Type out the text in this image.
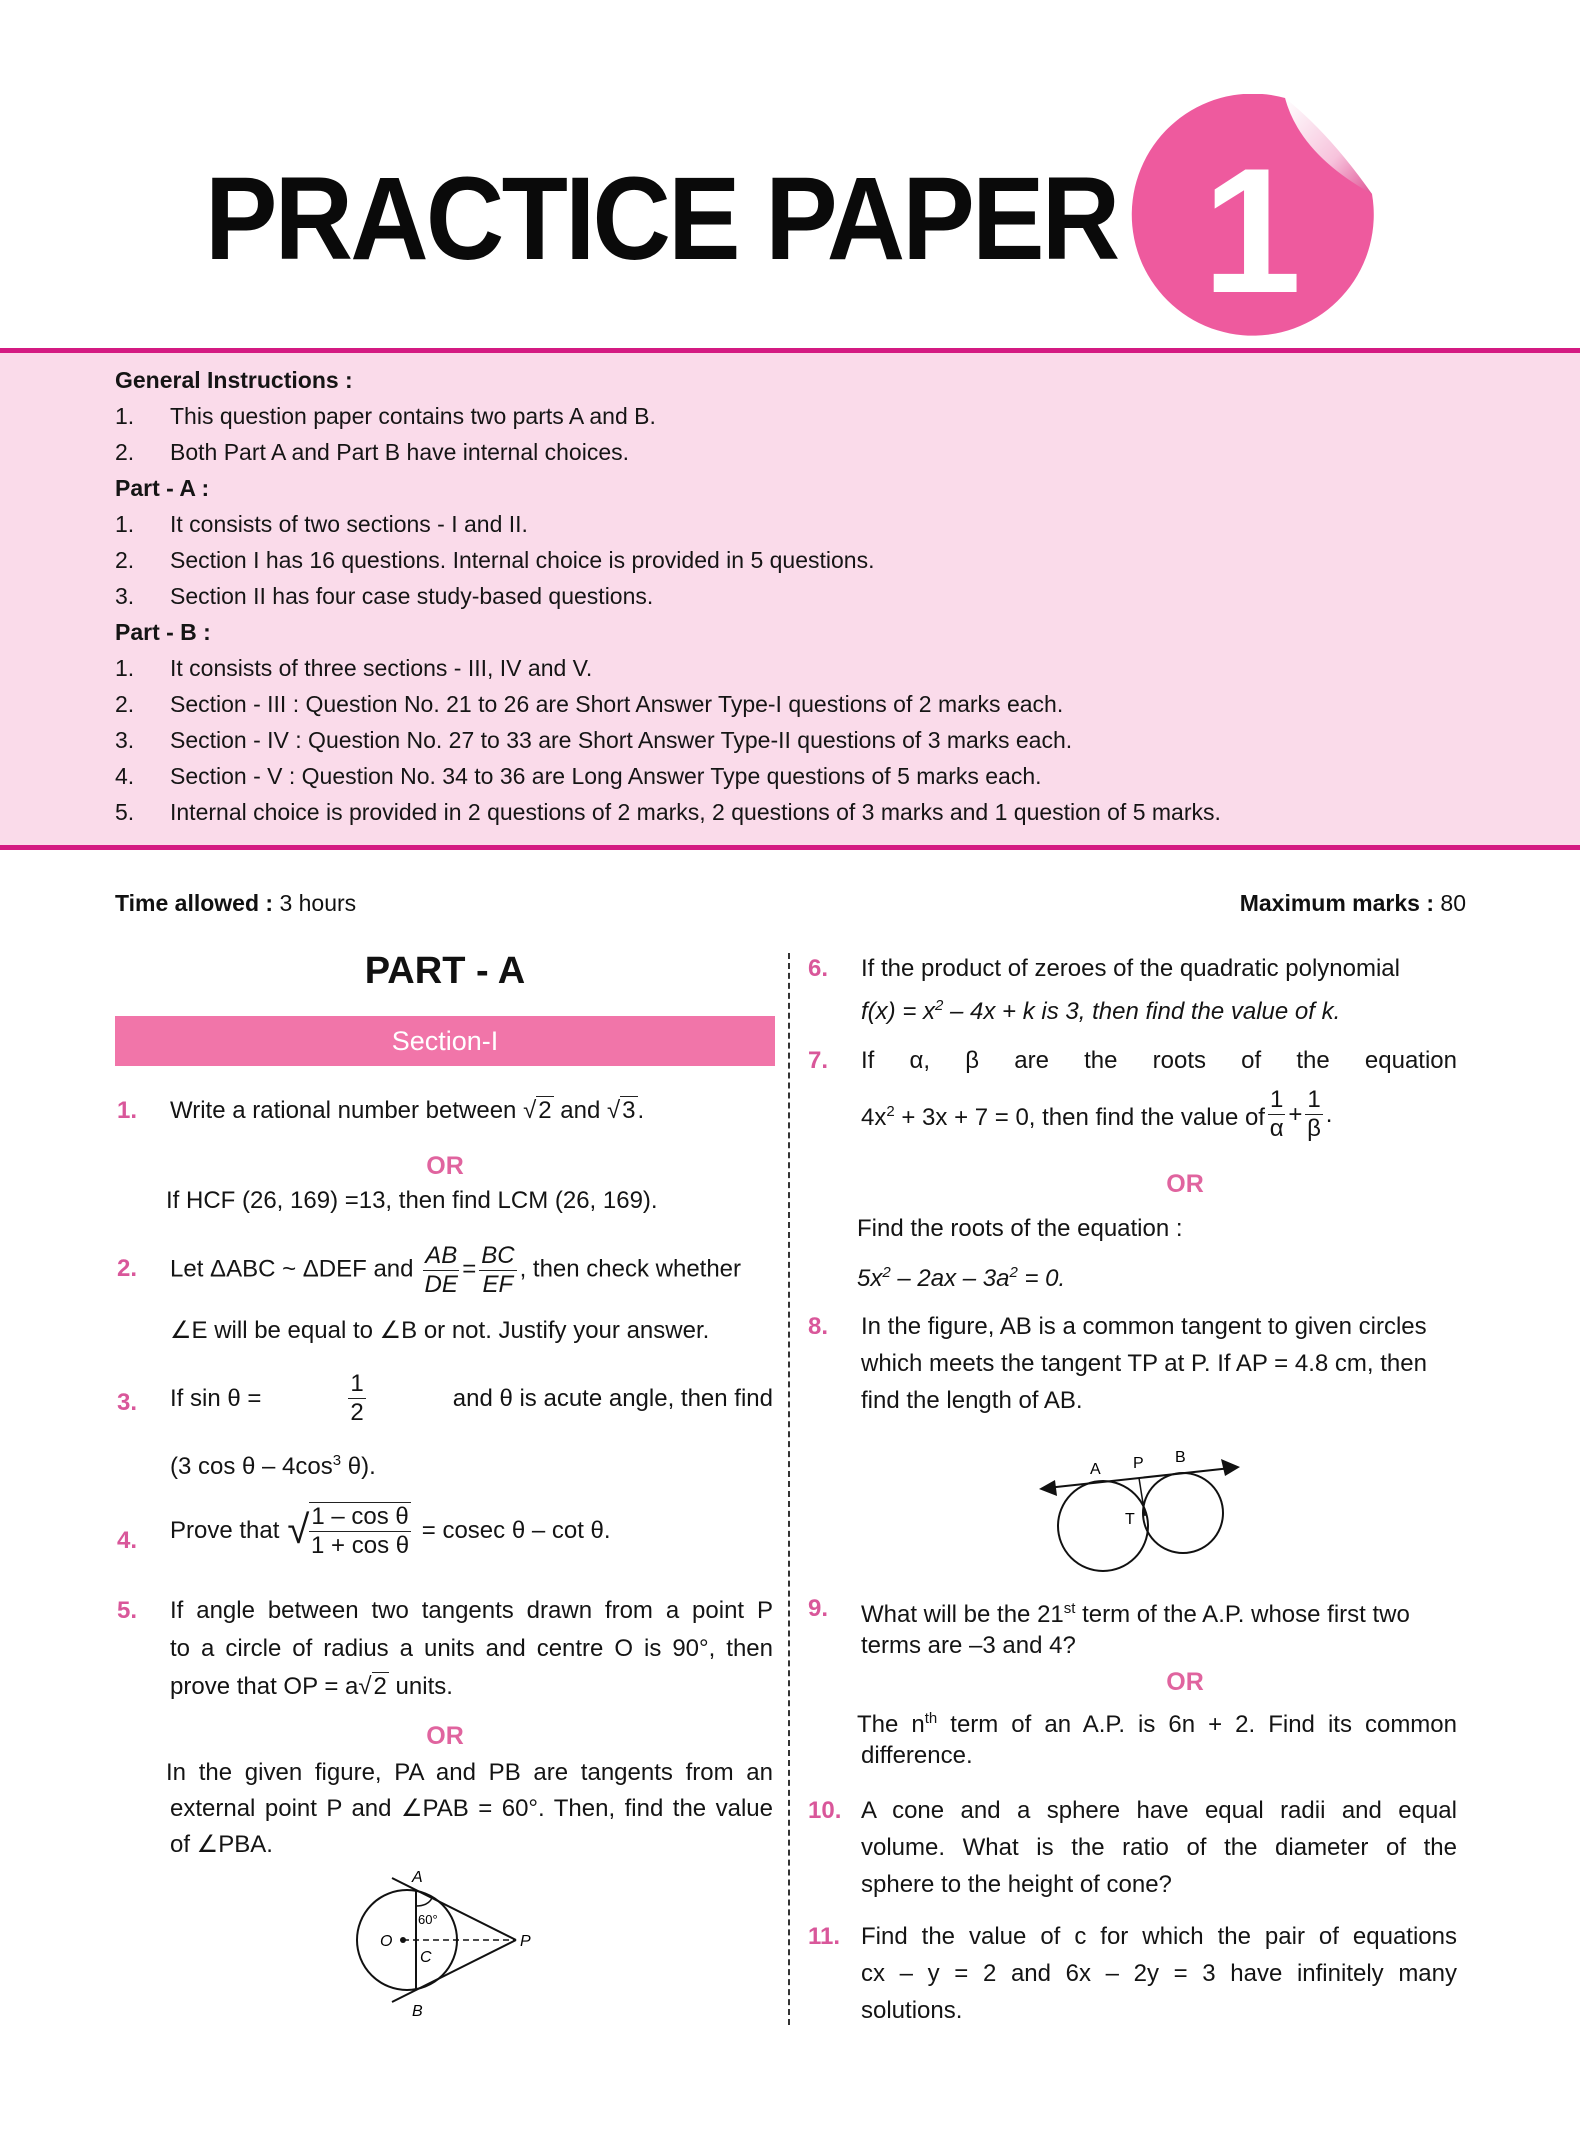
PRACTICE PAPER 1
General Instructions :
1. This question paper contains two parts A and B.
2. Both Part A and Part B have internal choices.
Part - A :
1. It consists of two sections - I and II.
2. Section I has 16 questions. Internal choice is provided in 5 questions.
3. Section II has four case study-based questions.
Part - B :
1. It consists of three sections - III, IV and V.
2. Section - III : Question No. 21 to 26 are Short Answer Type-I questions of 2 marks each.
3. Section - IV : Question No. 27 to 33 are Short Answer Type-II questions of 3 marks each.
4. Section - V : Question No. 34 to 36 are Long Answer Type questions of 5 marks each.
5. Internal choice is provided in 2 questions of 2 marks, 2 questions of 3 marks and 1 question of 5 marks.
Time allowed : 3 hours	Maximum marks : 80
PART - A
Section-I
1. Write a rational number between √2 and √3.
OR
If HCF (26, 169) =13, then find LCM (26, 169).
2. Let ΔABC ~ ΔDEF and $\frac{AB}{DE} = \frac{BC}{EF}$ , then check whether
∠E will be equal to ∠B or not. Justify your answer.
3. If sin θ =	$\frac{1}{2}$	and θ is acute angle, then find
(3 cos θ – $4\cos^3$ θ).
4. Prove that √ $\frac{\text{1 – cos θ}}{\text{1 + cos θ}} = cosec$ θ – cot θ.
5. If angle between two tangents drawn from a point P
to a circle of radius a units and centre O is 90°, then
prove that OP = a√2 units.
OR
In the given figure, PA and PB are tangents from an
external point P and ∠PAB = 60°. Then, find the value
of ∠PBA.
A
B
O
C
P
60°
6. If the product of zeroes of the quadratic polynomial
$f(x) = x^2 - 4x + k$ is 3, then find the value of k.
7. If α, β are the roots of the equation
$4x^2 + 3x + 7 = 0$, then find the value of $\frac{1}{\alpha} + \frac{1}{\beta}$ .
OR
Find the roots of the equation :
$5x^2 - 2ax - 3a^2 = 0$.
8. In the figure, AB is a common tangent to given circles
which meets the tangent TP at P. If AP = 4.8 cm, then
find the length of AB.
A P B
T
9. What will be the 21st term of the A.P. whose first two
terms are –3 and 4?
OR
The $n^{th}$ term of an A.P. is 6n + 2. Find its common
difference.
10. A cone and a sphere have equal radii and equal
volume. What is the ratio of the diameter of the
sphere to the height of cone?
11. Find the value of c for which the pair of equations
cx – y = 2 and 6x – 2y = 3 have infinitely many
solutions.
